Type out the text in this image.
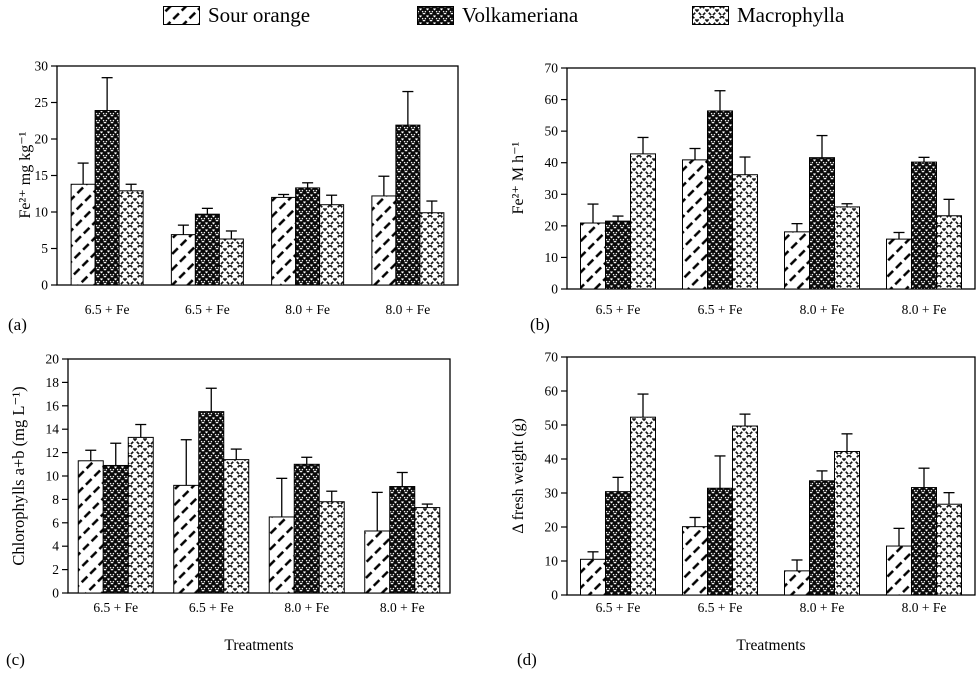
Sour orange	Volkameriana	Macrophylla
0
5
10
15
20
25
30
6.5 + Fe	6.5 + Fe	8.0 + Fe	8.0 + Fe
Fe²⁺ mg kg⁻¹
(a)
0
10
20
30
40
50
60
70
6.5 + Fe	6.5 + Fe	8.0 + Fe	8.0 + Fe
Fe²⁺ M h⁻¹
(b)
0
2
4
6
8
10
12
14
16
18
20
6.5 + Fe	6.5 + Fe	8.0 + Fe	8.0 + Fe
Chlorophylls a+b (mg L⁻¹)
Treatments
(c)
0
10
20
30
40
50
60
70
6.5 + Fe	6.5 + Fe	8.0 + Fe	8.0 + Fe
Δ fresh weight (g)
Treatments
(d)
